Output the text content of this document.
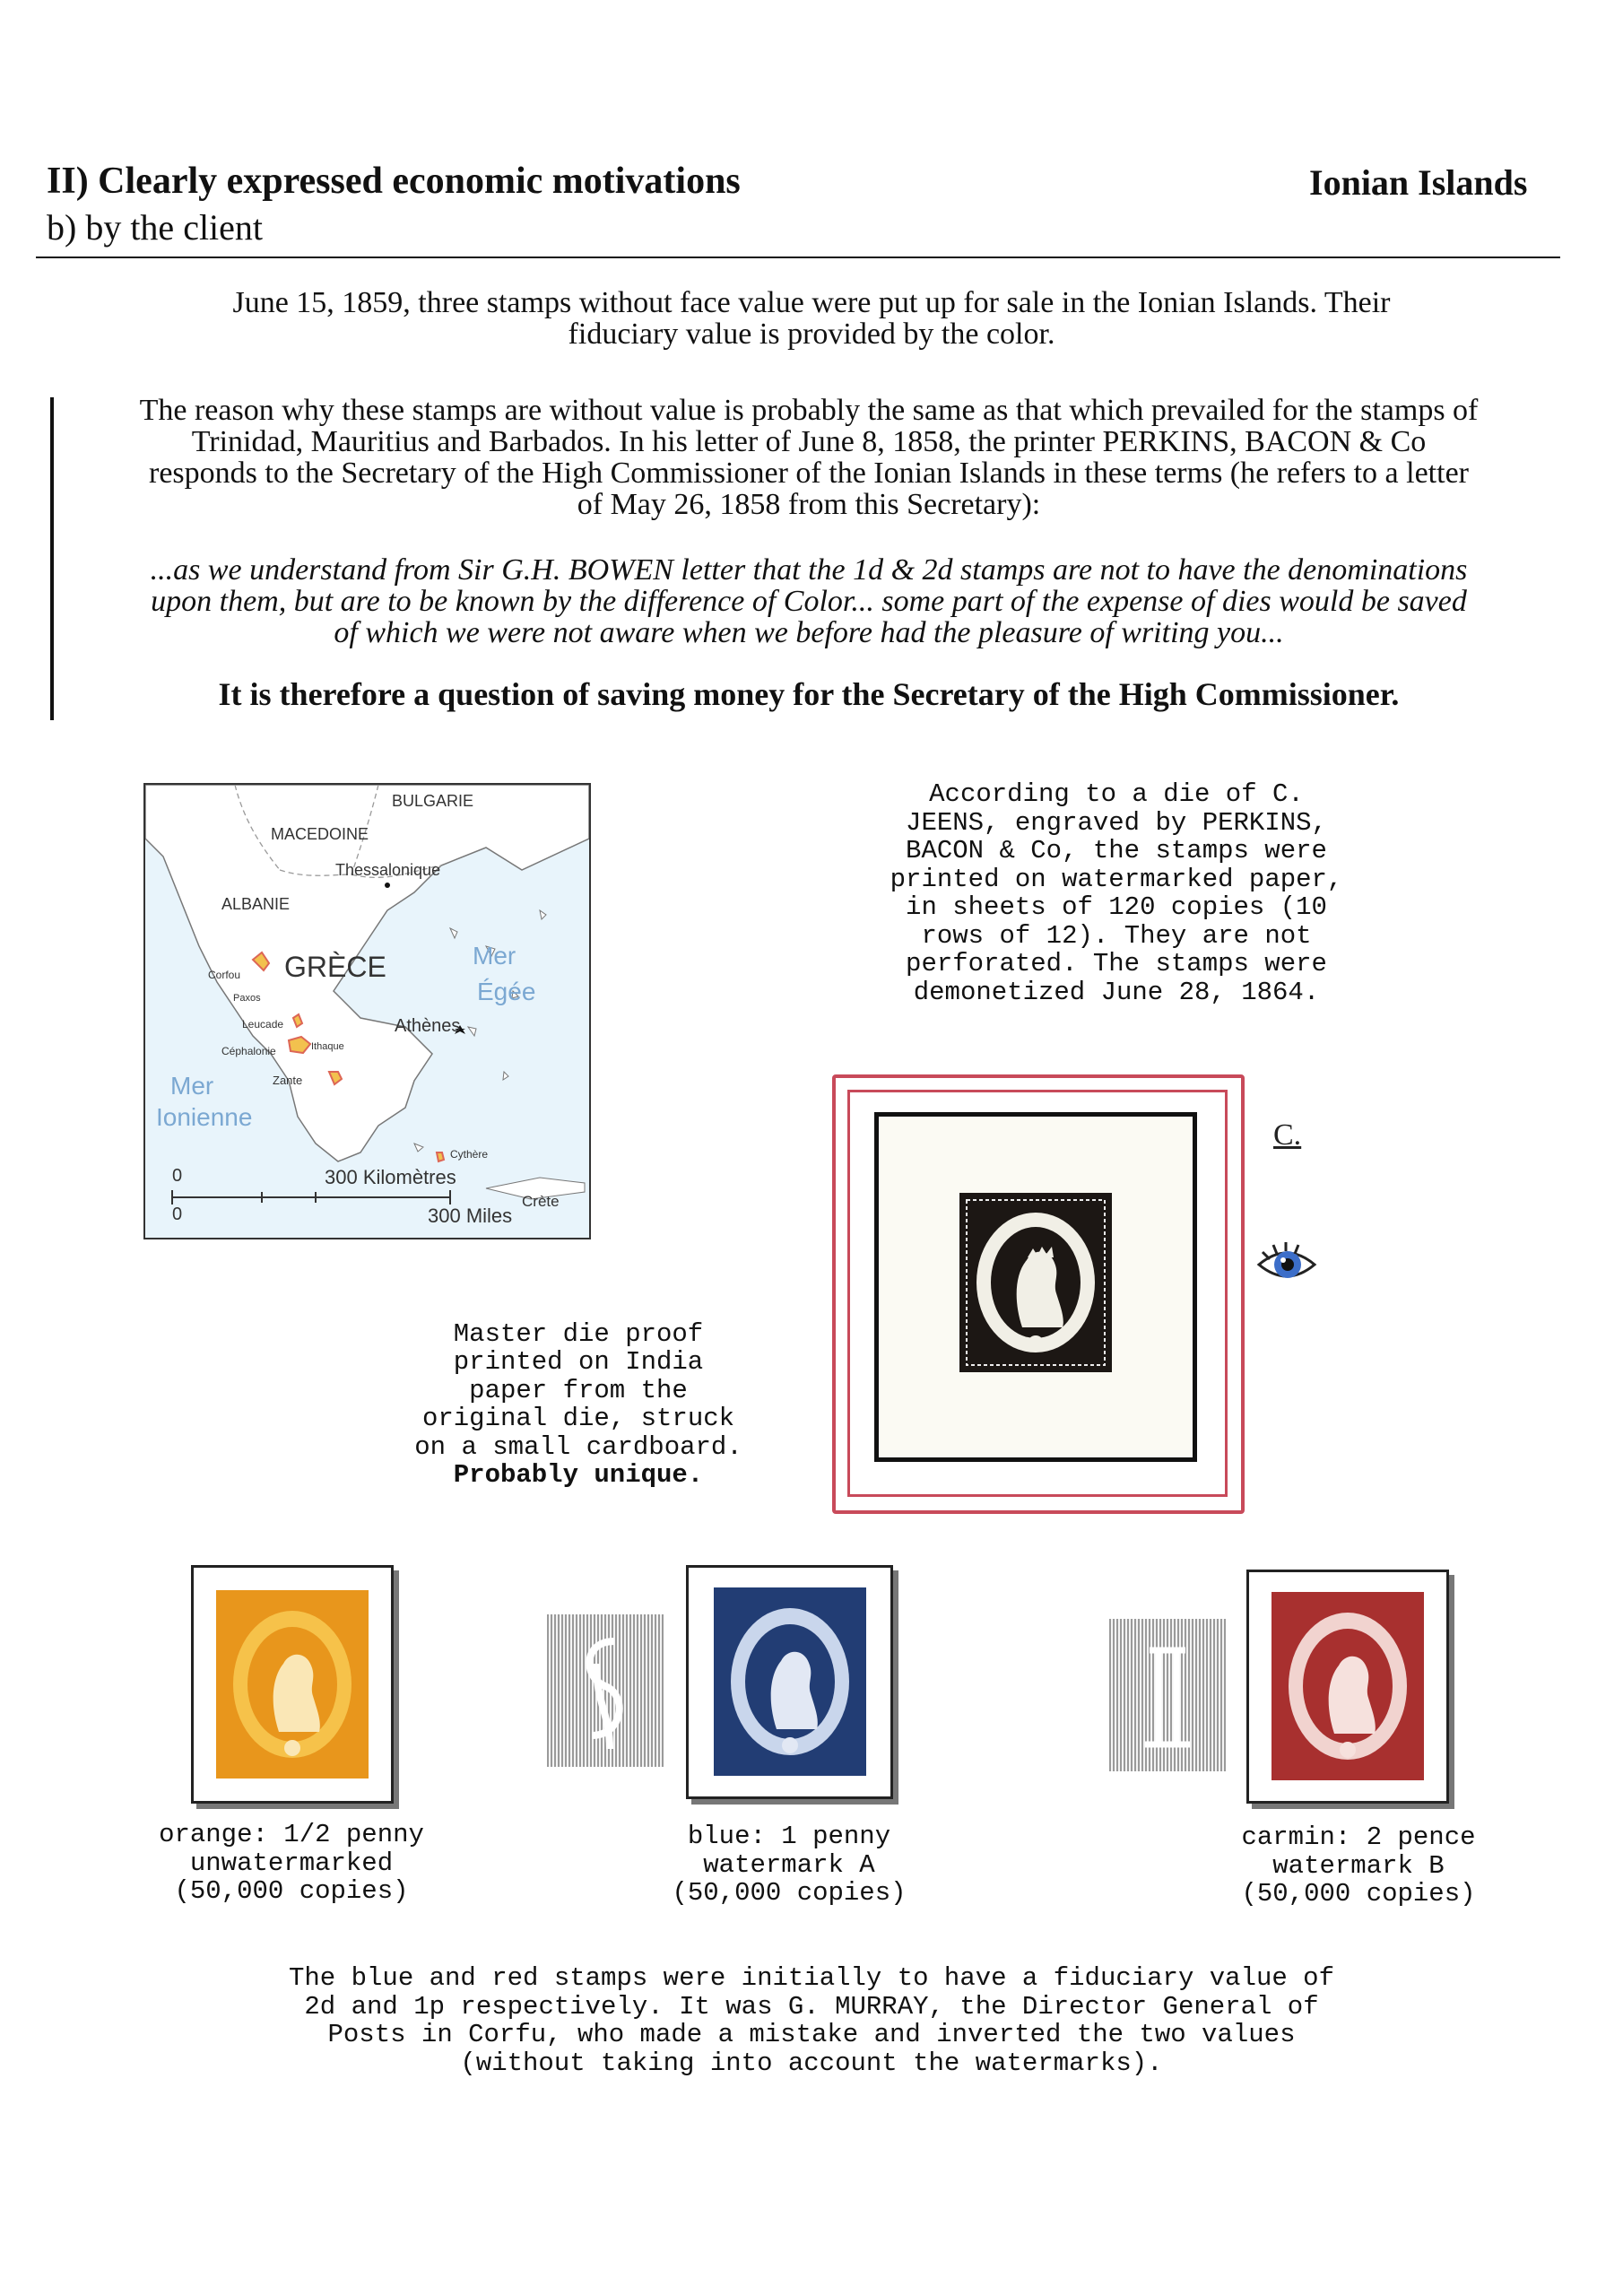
II) Clearly expressed economic motivations
b) by the client
Ionian Islands
June 15, 1859, three stamps without face value were put up for sale in the Ionian Islands. Their
fiduciary value is provided by the color.
The reason why these stamps are without value is probably the same as that which prevailed for the stamps of
Trinidad, Mauritius and Barbados. In his letter of June 8, 1858, the printer PERKINS, BACON & Co
responds to the Secretary of the High Commissioner of the Ionian Islands in these terms (he refers to a letter
of May 26, 1858 from this Secretary):
...as we understand from Sir G.H. BOWEN letter that the 1d & 2d stamps are not to have the denominations
upon them, but are to be known by the difference of Color... some part of the expense of dies would be saved
of which we were not aware when we before had the pleasure of writing you...
It is therefore a question of saving money for the Secretary of the High Commissioner.
BULGARIE
MACEDOINE
Thessalonique
ALBANIE
GRÈCE	Mer
Égée
Corfou
Paxos
Leucade
Céphalonie	Ithaque
Zante
Athènes
Mer
Ionienne
Cythère
Crète
0	300 Kilomètres
0	300 Miles
According to a die of C.
JEENS, engraved by PERKINS,
BACON & Co, the stamps were
printed on watermarked paper,
in sheets of 120 copies (10
rows of 12). They are not
perforated. The stamps were
demonetized June 28, 1864.
C.

Master die proof
printed on India
paper from the
original die, struck
on a small cardboard.

Probably unique.

orange: 1/2 penny
unwatermarked
(50,000 copies)
blue: 1 penny
watermark A
(50,000 copies)
carmin: 2 pence
watermark B
(50,000 copies)
The blue and red stamps were initially to have a fiduciary value of
2d and 1p respectively. It was G. MURRAY, the Director General of
Posts in Corfu, who made a mistake and inverted the two values
(without taking into account the watermarks).
